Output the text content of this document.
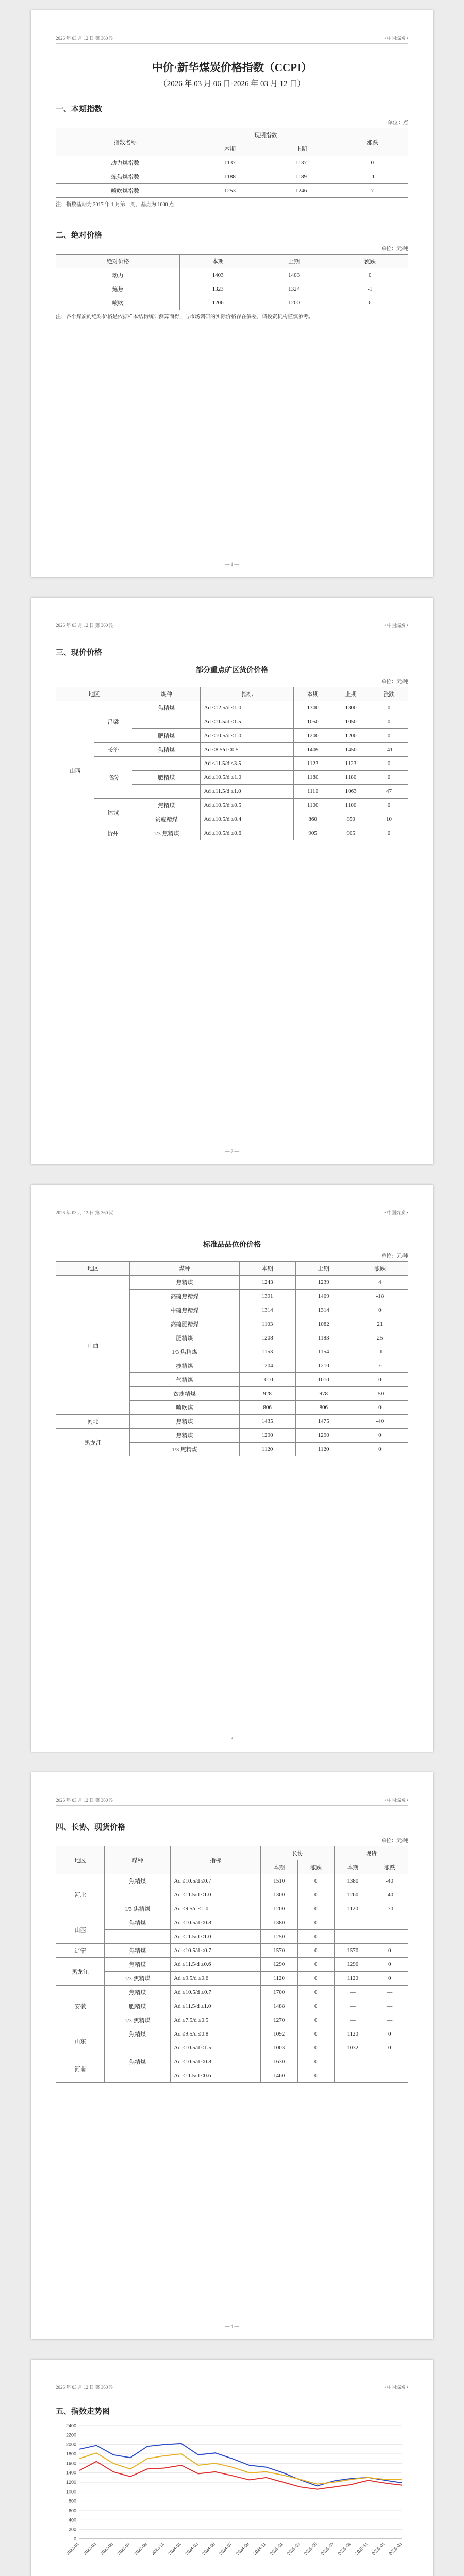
2026 年 03 月 12 日 第 360 期	• 中国煤炭 •
中价·新华煤炭价格指数（CCPI）
（2026 年 03 月 06 日-2026 年 03 月 12 日）
一、本期指数
单位：点
指数名称	现期指数		涨跌
	本期	上期	
动力煤指数	1137	1137	0
炼焦煤指数	1188	1189	-1
喷吹煤指数	1253	1246	7
注：指数基期为 2017 年 1 月第一周，基点为 1000 点
二、绝对价格
单位：元/吨
绝对价格	本期	上期	涨跌
动力	1403	1403	0
炼焦	1323	1324	-1
喷吹	1206	1200	6
注：各个煤炭的绝对价格是依据样本结构统计测算而得，与市场调研的实际价格存在偏差，请投资机构谨慎参考。
— 1 —
2026 年 03 月 12 日 第 360 期	• 中国煤炭 •
三、现价价格
部分重点矿区货价价格
单位：元/吨
地区		煤种	指标	本期	上期	涨跌
山西	吕梁	焦精煤	Ad ≤12.5/d ≤1.0	1300	1300	0
			Ad ≤11.5/d ≤1.5	1050	1050	0
		肥精煤	Ad ≤10.5/d ≤1.0	1200	1200	0
	长治	焦精煤	Ad ≤8.5/d ≤0.5	1409	1450	-41
	临汾		Ad ≤11.5/d ≤3.5	1123	1123	0
		肥精煤	Ad ≤10.5/d ≤1.0	1180	1180	0
			Ad ≤11.5/d ≤1.0	1110	1063	47
	运城	焦精煤	Ad ≤10.5/d ≤0.5	1100	1100	0
		贫瘦精煤	Ad ≤10.5/d ≤0.4	860	850	10
	忻州	1/3 焦精煤	Ad ≤10.5/d ≤0.6	905	905	0
— 2 —
2026 年 03 月 12 日 第 360 期	• 中国煤炭 •
标准品品位价价格
单位：元/吨
地区	煤种	本期	上期	涨跌
山西	焦精煤	1243	1239	4
	高硫焦精煤	1391	1409	-18
	中硫焦精煤	1314	1314	0
	高硫肥精煤	1103	1082	21
	肥精煤	1208	1183	25
	1/3 焦精煤	1153	1154	-1
	瘦精煤	1204	1210	-6
	气精煤	1010	1010	0
	贫瘦精煤	928	978	-50
	喷吹煤	806	806	0
河北	焦精煤	1435	1475	-40
黑龙江	焦精煤	1290	1290	0
	1/3 焦精煤	1120	1120	0
— 3 —
2026 年 03 月 12 日 第 360 期	• 中国煤炭 •
四、长协、现货价格
单位：元/吨
地区	煤种	指标	长协		现货	
			本期	涨跌	本期	涨跌
河北	焦精煤	Ad ≤10.5/d ≤0.7	1510	0	1380	-40
		Ad ≤11.5/d ≤1.0	1300	0	1260	-40
	1/3 焦精煤	Ad ≤9.5/d ≤1.0	1200	0	1120	-70
山西	焦精煤	Ad ≤10.5/d ≤0.8	1380	0	—	—
		Ad ≤11.5/d ≤1.0	1250	0	—	—
辽宁	焦精煤	Ad ≤10.5/d ≤0.7	1570	0	1570	0
黑龙江	焦精煤	Ad ≤11.5/d ≤0.6	1290	0	1290	0
	1/3 焦精煤	Ad ≤9.5/d ≤0.6	1120	0	1120	0
安徽	焦精煤	Ad ≤10.5/d ≤0.7	1700	0	—	—
	肥精煤	Ad ≤11.5/d ≤1.0	1488	0	—	—
	1/3 焦精煤	Ad ≤7.5/d ≤0.5	1270	0	—	—
山东	焦精煤	Ad ≤9.5/d ≤0.8	1092	0	1120	0
		Ad ≤10.5/d ≤1.5	1003	0	1032	0
河南	焦精煤	Ad ≤10.5/d ≤0.8	1630	0	—	—
		Ad ≤11.5/d ≤0.6	1460	0	—	—
— 4 —
2026 年 03 月 12 日 第 360 期	• 中国煤炭 •
五、指数走势图
0
200
400
600
800
1000
1200
1400
1600
1800
2000
2200
2400
2023-01 2023-03 2023-05 2023-07 2023-09 2023-11 2024-01 2024-03 2024-05 2024-07 2024-09 2024-11 2025-01 2025-03 2025-05 2025-07 2025-09 2025-11 2026-01 2026-03
